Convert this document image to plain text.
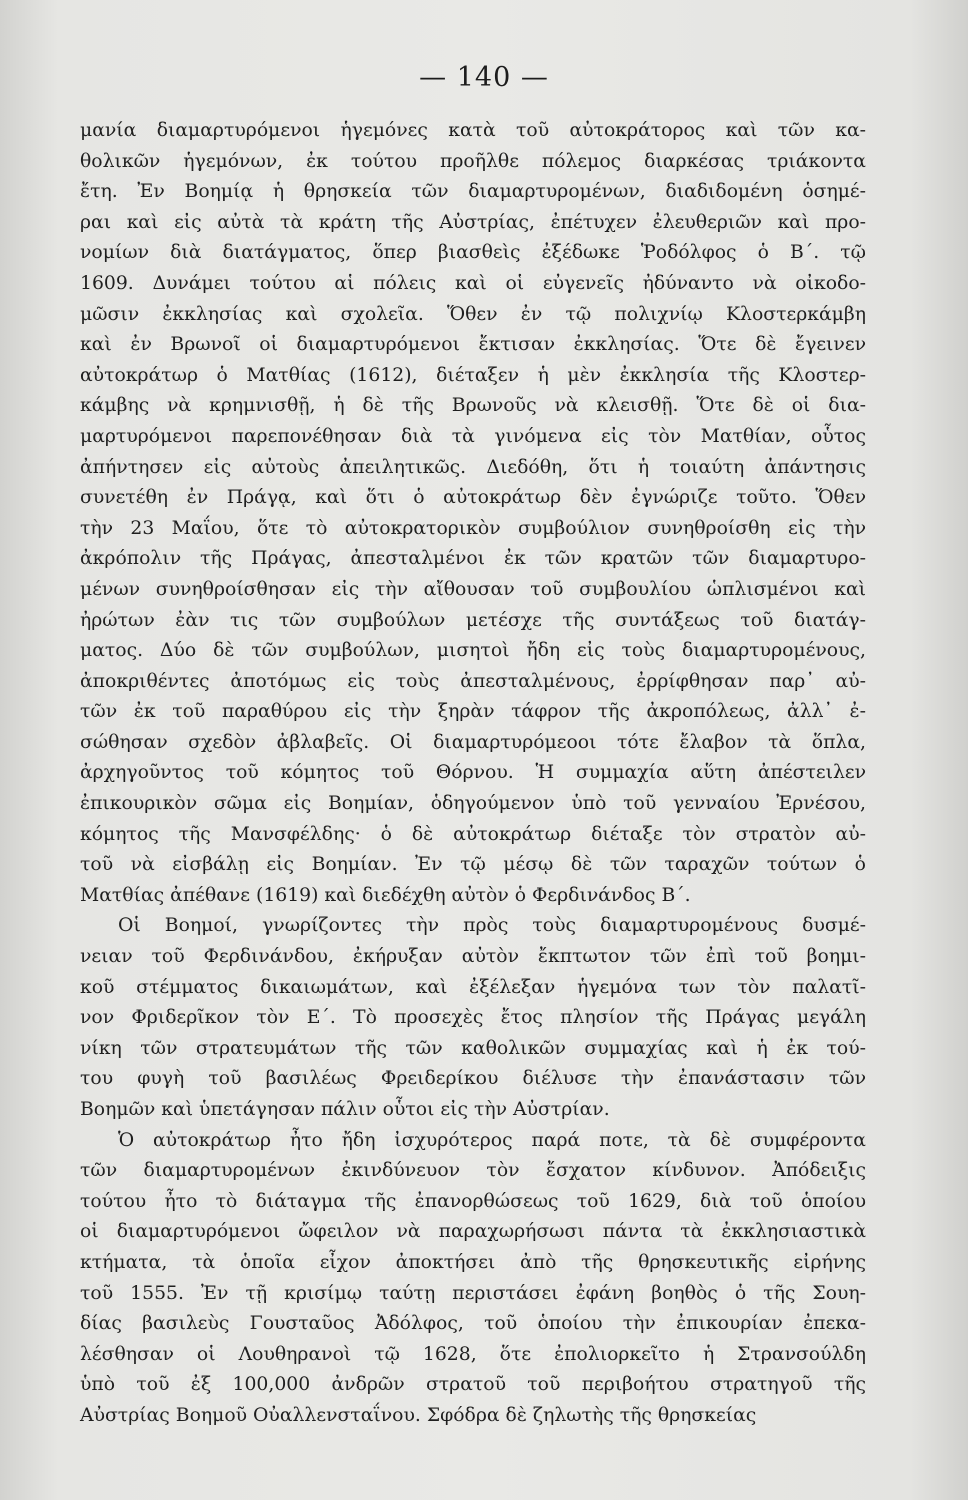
— 140 —
μανία διαμαρτυρόμενοι ἡγεμόνες κατὰ τοῦ αὐτοκράτορος καὶ τῶν κα-
θολικῶν ἡγεμόνων, ἐκ τούτου προῆλθε πόλεμος διαρκέσας τριάκοντα
ἔτη. Ἐν Βοημίᾳ ἡ θρησκεία τῶν διαμαρτυρομένων, διαδιδομένη ὁσημέ-
ραι καὶ εἰς αὐτὰ τὰ κράτη τῆς Αὐστρίας, ἐπέτυχεν ἐλευθεριῶν καὶ προ-
νομίων διὰ διατάγματος, ὅπερ βιασθεὶς ἐξέδωκε Ῥοδόλφος ὁ Β΄. τῷ
1609. Δυνάμει τούτου αἱ πόλεις καὶ οἱ εὐγενεῖς ἠδύναντο νὰ οἰκοδο-
μῶσιν ἐκκλησίας καὶ σχολεῖα. Ὅθεν ἐν τῷ πολιχνίῳ Κλοστερκάμβη
καὶ ἐν Βρωνοῖ οἱ διαμαρτυρόμενοι ἔκτισαν ἐκκλησίας. Ὅτε δὲ ἔγεινεν
αὐτοκράτωρ ὁ Ματθίας (1612), διέταξεν ἡ μὲν ἐκκλησία τῆς Κλοστερ-
κάμβης νὰ κρημνισθῇ, ἡ δὲ τῆς Βρωνοῦς νὰ κλεισθῇ. Ὅτε δὲ οἱ δια-
μαρτυρόμενοι παρεπονέθησαν διὰ τὰ γινόμενα εἰς τὸν Ματθίαν, οὗτος
ἀπήντησεν εἰς αὐτοὺς ἀπειλητικῶς. Διεδόθη, ὅτι ἡ τοιαύτη ἀπάντησις
συνετέθη ἐν Πράγᾳ, καὶ ὅτι ὁ αὐτοκράτωρ δὲν ἐγνώριζε τοῦτο. Ὅθεν
τὴν 23 Μαΐου, ὅτε τὸ αὐτοκρατορικὸν συμβούλιον συνηθροίσθη εἰς τὴν
ἀκρόπολιν τῆς Πράγας, ἀπεσταλμένοι ἐκ τῶν κρατῶν τῶν διαμαρτυρο-
μένων συνηθροίσθησαν εἰς τὴν αἴθουσαν τοῦ συμβουλίου ὡπλισμένοι καὶ
ἠρώτων ἐὰν τις τῶν συμβούλων μετέσχε τῆς συντάξεως τοῦ διατάγ-
ματος. Δύο δὲ τῶν συμβούλων, μισητοὶ ἤδη εἰς τοὺς διαμαρτυρομένους,
ἀποκριθέντες ἀποτόμως εἰς τοὺς ἀπεσταλμένους, ἐρρίφθησαν παρ᾽ αὐ-
τῶν ἐκ τοῦ παραθύρου εἰς τὴν ξηρὰν τάφρον τῆς ἀκροπόλεως, ἀλλ᾽ ἐ-
σώθησαν σχεδὸν ἀβλαβεῖς. Οἱ διαμαρτυρόμεοοι τότε ἔλαβον τὰ ὅπλα,
ἀρχηγοῦντος τοῦ κόμητος τοῦ Θόρνου. Ἡ συμμαχία αὕτη ἀπέστειλεν
ἐπικουρικὸν σῶμα εἰς Βοημίαν, ὁδηγούμενον ὑπὸ τοῦ γενναίου Ἐρνέσου,
κόμητος τῆς Μανσφέλδης· ὁ δὲ αὐτοκράτωρ διέταξε τὸν στρατὸν αὐ-
τοῦ νὰ εἰσβάλῃ εἰς Βοημίαν. Ἐν τῷ μέσῳ δὲ τῶν ταραχῶν τούτων ὁ
Ματθίας ἀπέθανε (1619) καὶ διεδέχθη αὐτὸν ὁ Φερδινάνδος Β΄.
Οἱ Βοημοί, γνωρίζοντες τὴν πρὸς τοὺς διαμαρτυρομένους δυσμέ-
νειαν τοῦ Φερδινάνδου, ἐκήρυξαν αὐτὸν ἔκπτωτον τῶν ἐπὶ τοῦ βοημι-
κοῦ στέμματος δικαιωμάτων, καὶ ἐξέλεξαν ἡγεμόνα των τὸν παλατῖ-
νον Φριδερῖκον τὸν Ε΄. Τὸ προσεχὲς ἔτος πλησίον τῆς Πράγας μεγάλη
νίκη τῶν στρατευμάτων τῆς τῶν καθολικῶν συμμαχίας καὶ ἡ ἐκ τού-
του φυγὴ τοῦ βασιλέως Φρειδερίκου διέλυσε τὴν ἐπανάστασιν τῶν
Βοημῶν καὶ ὑπετάγησαν πάλιν οὗτοι εἰς τὴν Αὐστρίαν.
Ὁ αὐτοκράτωρ ἦτο ἤδη ἰσχυρότερος παρά ποτε, τὰ δὲ συμφέροντα
τῶν διαμαρτυρομένων ἐκινδύνευον τὸν ἔσχατον κίνδυνον. Ἀπόδειξις
τούτου ἦτο τὸ διάταγμα τῆς ἐπανορθώσεως τοῦ 1629, διὰ τοῦ ὁποίου
οἱ διαμαρτυρόμενοι ὤφειλον νὰ παραχωρήσωσι πάντα τὰ ἐκκλησιαστικὰ
κτήματα, τὰ ὁποῖα εἶχον ἀποκτήσει ἀπὸ τῆς θρησκευτικῆς εἰρήνης
τοῦ 1555. Ἐν τῇ κρισίμῳ ταύτῃ περιστάσει ἐφάνη βοηθὸς ὁ τῆς Σουη-
δίας βασιλεὺς Γουσταῦος Ἀδόλφος, τοῦ ὁποίου τὴν ἐπικουρίαν ἐπεκα-
λέσθησαν οἱ Λουθηρανοὶ τῷ 1628, ὅτε ἐπολιορκεῖτο ἡ Στρανσούλδη
ὑπὸ τοῦ ἐξ 100,000 ἀνδρῶν στρατοῦ τοῦ περιβοήτου στρατηγοῦ τῆς
Αὐστρίας Βοημοῦ Οὐαλλενσταΐνου. Σφόδρα δὲ ζηλωτὴς τῆς θρησκείας
